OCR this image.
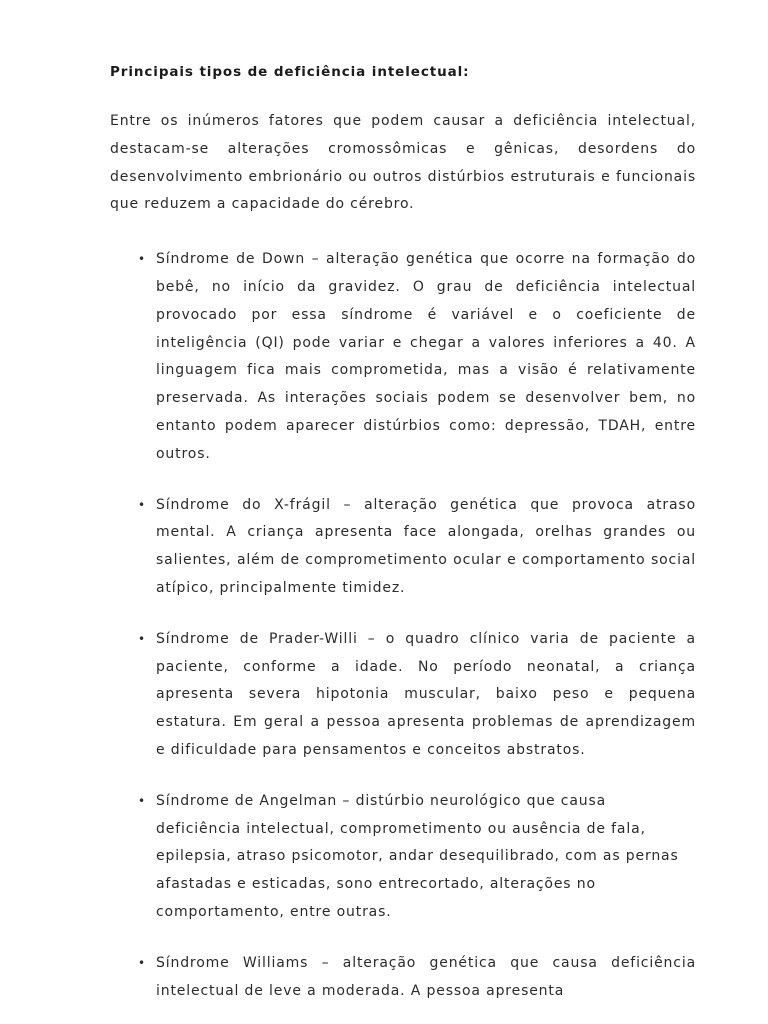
Principais tipos de deficiência intelectual:

Entre os inúmeros fatores que podem causar a deficiência intelectual, destacam-se alterações cromossômicas e gênicas, desordens do desenvolvimento embrionário ou outros distúrbios estruturais e funcionais que reduzem a capacidade do cérebro.

• Síndrome de Down – alteração genética que ocorre na formação do bebê, no início da gravidez. O grau de deficiência intelectual provocado por essa síndrome é variável e o coeficiente de inteligência (QI) pode variar e chegar a valores inferiores a 40. A linguagem fica mais comprometida, mas a visão é relativamente preservada. As interações sociais podem se desenvolver bem, no entanto podem aparecer distúrbios como: depressão, TDAH, entre outros.
• Síndrome do X-frágil – alteração genética que provoca atraso mental. A criança apresenta face alongada, orelhas grandes ou salientes, além de comprometimento ocular e comportamento social atípico, principalmente timidez.
• Síndrome de Prader-Willi – o quadro clínico varia de paciente a paciente, conforme a idade. No período neonatal, a criança apresenta severa hipotonia muscular, baixo peso e pequena estatura. Em geral a pessoa apresenta problemas de aprendizagem e dificuldade para pensamentos e conceitos abstratos.
• Síndrome de Angelman – distúrbio neurológico que causa deficiência intelectual, comprometimento ou ausência de fala, epilepsia, atraso psicomotor, andar desequilibrado, com as pernas afastadas e esticadas, sono entrecortado, alterações no comportamento, entre outras.
• Síndrome Williams – alteração genética que causa deficiência intelectual de leve a moderada. A pessoa apresenta
